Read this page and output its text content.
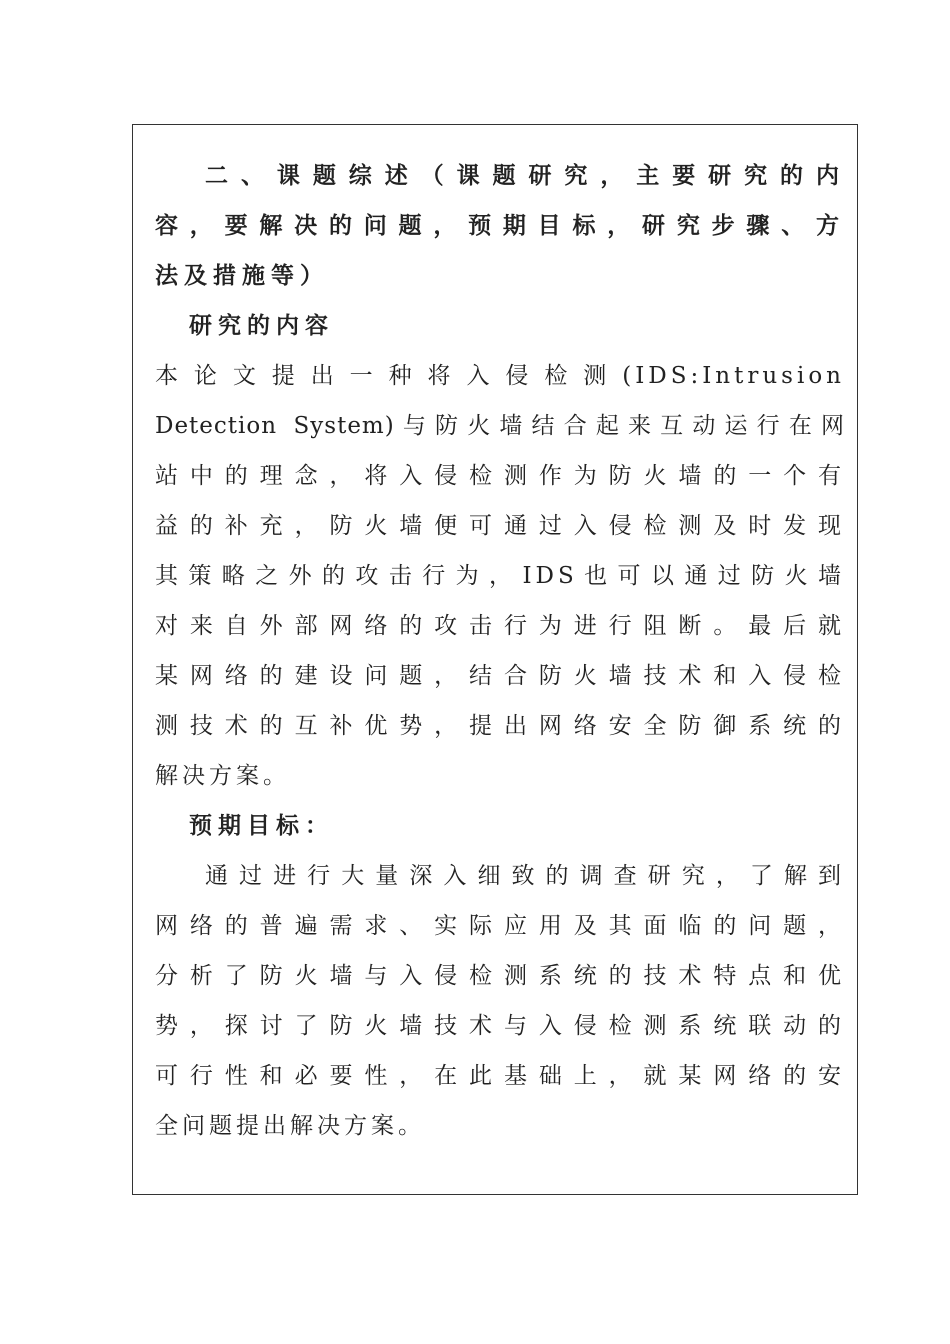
二、课题综述（课题研究，主要研究的内
容，要解决的问题，预期目标，研究步骤、方
法及措施等）
研究的内容
本论文提出一种将入侵检测(IDS:Intrusion
Detection System)与防火墙结合起来互动运行在网
站中的理念，将入侵检测作为防火墙的一个有
益的补充，防火墙便可通过入侵检测及时发现
其策略之外的攻击行为，IDS也可以通过防火墙
对来自外部网络的攻击行为进行阻断。最后就
某网络的建设问题，结合防火墙技术和入侵检
测技术的互补优势，提出网络安全防御系统的
解决方案。
预期目标：
通过进行大量深入细致的调查研究，了解到
网络的普遍需求、实际应用及其面临的问题，
分析了防火墙与入侵检测系统的技术特点和优
势，探讨了防火墙技术与入侵检测系统联动的
可行性和必要性，在此基础上，就某网络的安
全问题提出解决方案。
